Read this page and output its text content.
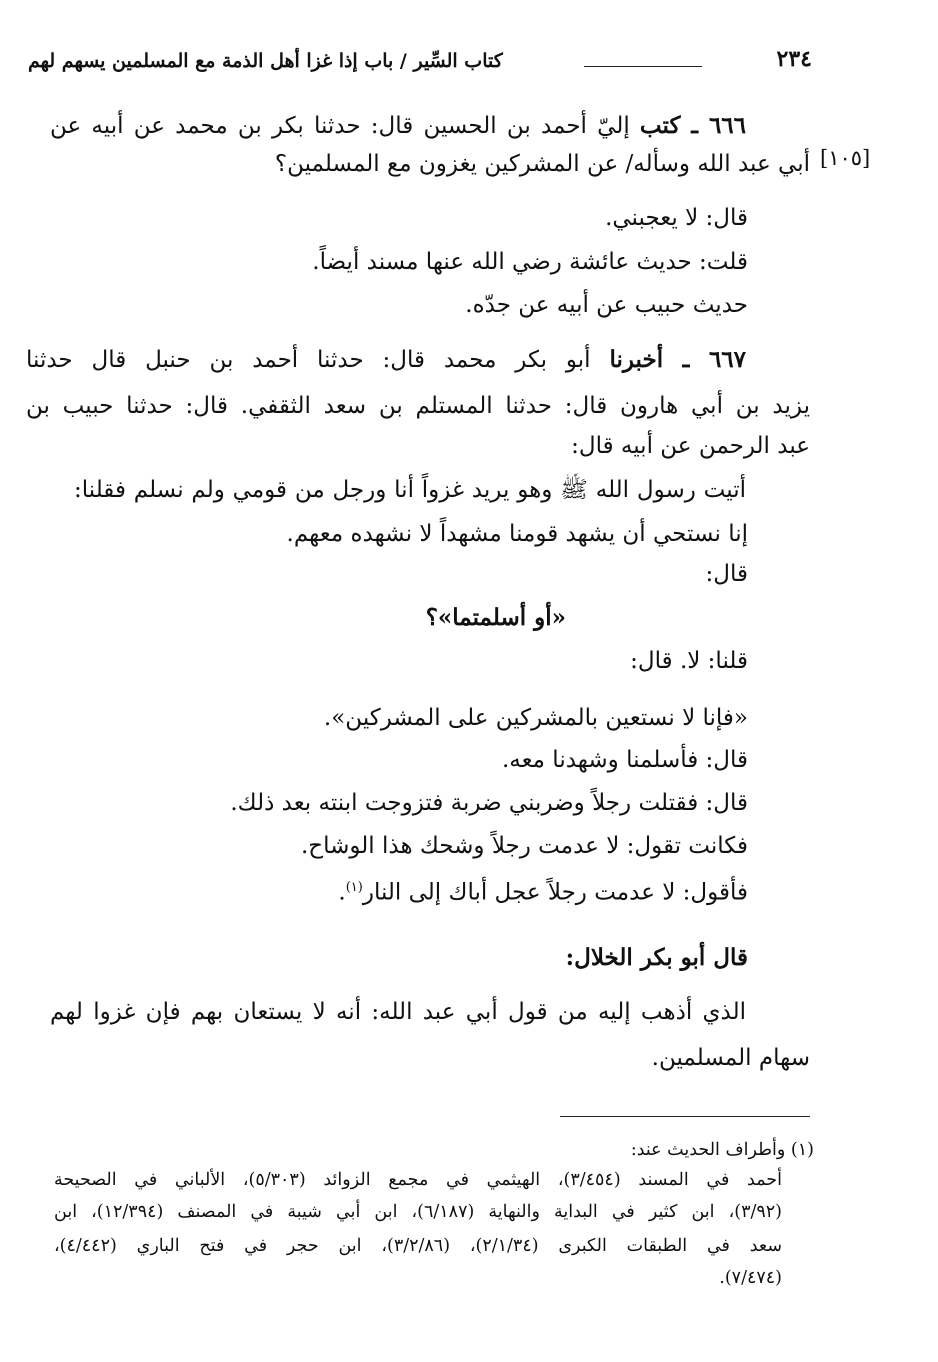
٢٣٤
كتاب السِّير / باب إذا غزا أهل الذمة مع المسلمين يسهم لهم
٦٦٦ ـ كتب إليّ أحمد بن الحسين قال: حدثنا بكر بن محمد عن أبيه عن
أبي عبد الله وسأله/ عن المشركين يغزون مع المسلمين؟ [١٠٥]
قال: لا يعجبني.
قلت: حديث عائشة رضي الله عنها مسند أيضاً.
حديث حبيب عن أبيه عن جدّه.
٦٦٧ ـ أخبرنا أبو بكر محمد قال: حدثنا أحمد بن حنبل قال حدثنا
يزيد بن أبي هارون قال: حدثنا المستلم بن سعد الثقفي. قال: حدثنا حبيب بن
عبد الرحمن عن أبيه قال:
أتيت رسول الله ﷺ وهو يريد غزواً أنا ورجل من قومي ولم نسلم فقلنا:
إنا نستحي أن يشهد قومنا مشهداً لا نشهده معهم.
قال:
«أو أسلمتما»؟
قلنا: لا. قال:
«فإنا لا نستعين بالمشركين على المشركين».
قال: فأسلمنا وشهدنا معه.
قال: فقتلت رجلاً وضربني ضربة فتزوجت ابنته بعد ذلك.
فكانت تقول: لا عدمت رجلاً وشحك هذا الوشاح.
فأقول: لا عدمت رجلاً عجل أباك إلى النار$^{(١)}$.
قال أبو بكر الخلال:
الذي أذهب إليه من قول أبي عبد الله: أنه لا يستعان بهم فإن غزوا لهم
سهام المسلمين.
(١) وأطراف الحديث عند:
أحمد في المسند (٣/٤٥٤)، الهيثمي في مجمع الزوائد (٥/٣٠٣)، الألباني في الصحيحة
(٣/٩٢)، ابن كثير في البداية والنهاية (٦/١٨٧)، ابن أبي شيبة في المصنف (١٢/٣٩٤)، ابن
سعد في الطبقات الكبرى (٢/١/٣٤)، (٣/٢/٨٦)، ابن حجر في فتح الباري (٤/٤٤٢)،
(٧/٤٧٤).
